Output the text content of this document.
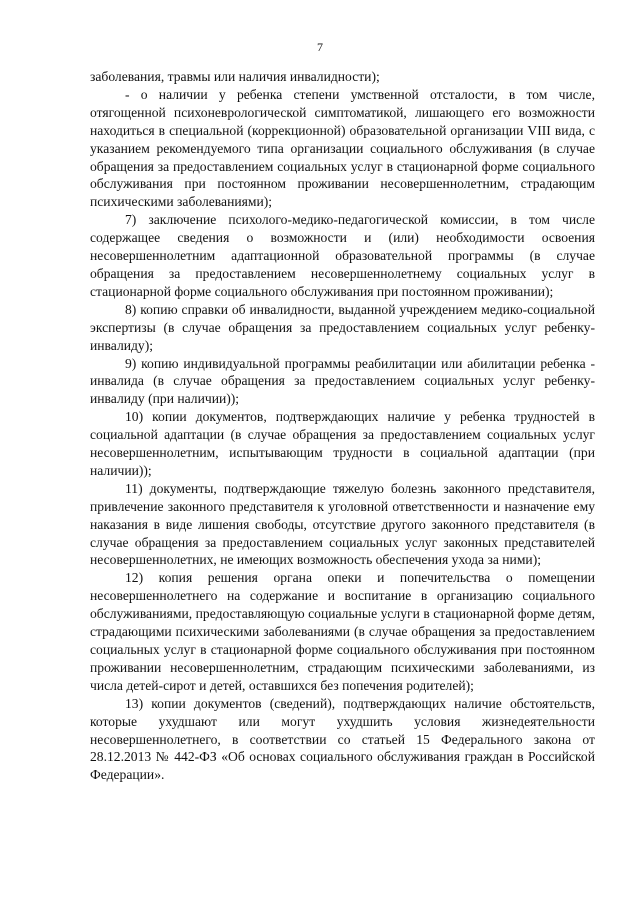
7

заболевания, травмы или наличия инвалидности);

- о наличии у ребенка степени умственной отсталости, в том числе, отягощенной психоневрологической симптоматикой, лишающего его возможности находиться в специальной (коррекционной) образовательной организации VIII вида, с указанием рекомендуемого типа организации социального обслуживания (в случае обращения за предоставлением социальных услуг в стационарной форме социального обслуживания при постоянном проживании несовершеннолетним, страдающим психическими заболеваниями);

7) заключение психолого-медико-педагогической комиссии, в том числе содержащее сведения о возможности и (или) необходимости освоения несовершеннолетним адаптационной образовательной программы (в случае обращения за предоставлением несовершеннолетнему социальных услуг в стационарной форме социального обслуживания при постоянном проживании);

8) копию справки об инвалидности, выданной учреждением медико-социальной экспертизы (в случае обращения за предоставлением социальных услуг ребенку-инвалиду);

9) копию индивидуальной программы реабилитации или абилитации ребенка - инвалида (в случае обращения за предоставлением социальных услуг ребенку-инвалиду (при наличии));

10) копии документов, подтверждающих наличие у ребенка трудностей в социальной адаптации (в случае обращения за предоставлением социальных услуг несовершеннолетним, испытывающим трудности в социальной адаптации (при наличии));

11) документы, подтверждающие тяжелую болезнь законного представителя, привлечение законного представителя к уголовной ответственности и назначение ему наказания в виде лишения свободы, отсутствие другого законного представителя (в случае обращения за предоставлением социальных услуг законных представителей несовершеннолетних, не имеющих возможность обеспечения ухода за ними);

12) копия решения органа опеки и попечительства о помещении несовершеннолетнего на содержание и воспитание в организацию социального обслуживаниями, предоставляющую социальные услуги в стационарной форме детям, страдающими психическими заболеваниями (в случае обращения за предоставлением социальных услуг в стационарной форме социального обслуживания при постоянном проживании несовершеннолетним, страдающим психическими заболеваниями, из числа детей-сирот и детей, оставшихся без попечения родителей);

13) копии документов (сведений), подтверждающих наличие обстоятельств, которые ухудшают или могут ухудшить условия жизнедеятельности несовершеннолетнего, в соответствии со статьей 15 Федерального закона от 28.12.2013 № 442-ФЗ «Об основах социального обслуживания граждан в Российской Федерации».
